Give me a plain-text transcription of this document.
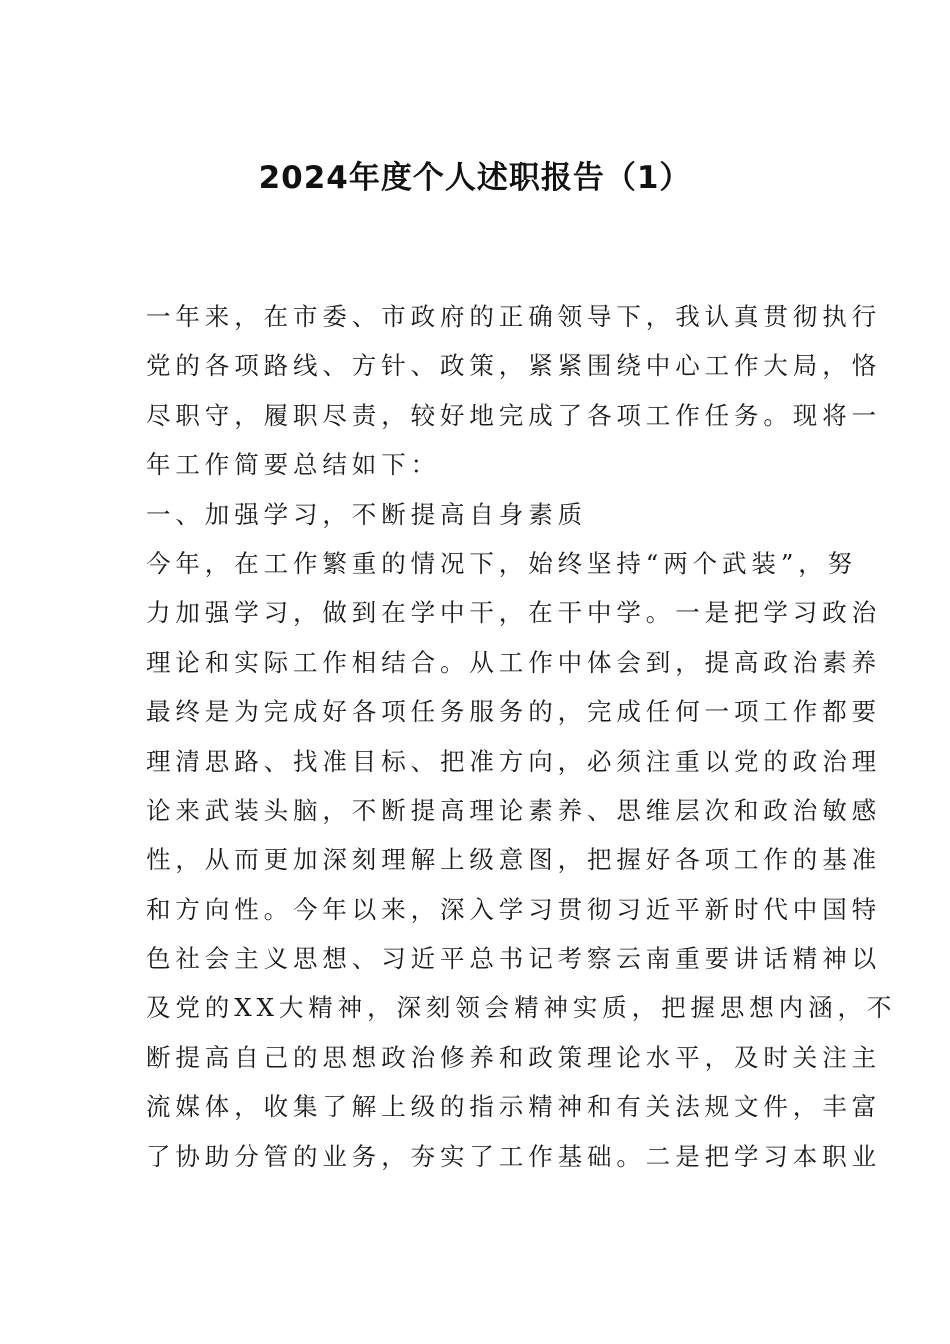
2024年度个人述职报告（1）
一年来，在市委、市政府的正确领导下，我认真贯彻执行
党的各项路线、方针、政策，紧紧围绕中心工作大局，恪
尽职守，履职尽责，较好地完成了各项工作任务。现将一
年工作简要总结如下：
一、加强学习，不断提高自身素质
今年，在工作繁重的情况下，始终坚持“两个武装”，努
力加强学习，做到在学中干，在干中学。一是把学习政治
理论和实际工作相结合。从工作中体会到，提高政治素养
最终是为完成好各项任务服务的，完成任何一项工作都要
理清思路、找准目标、把准方向，必须注重以党的政治理
论来武装头脑，不断提高理论素养、思维层次和政治敏感
性，从而更加深刻理解上级意图，把握好各项工作的基准
和方向性。今年以来，深入学习贯彻习近平新时代中国特
色社会主义思想、习近平总书记考察云南重要讲话精神以
及党的XX大精神，深刻领会精神实质，把握思想内涵，不
断提高自己的思想政治修养和政策理论水平，及时关注主
流媒体，收集了解上级的指示精神和有关法规文件，丰富
了协助分管的业务，夯实了工作基础。二是把学习本职业
